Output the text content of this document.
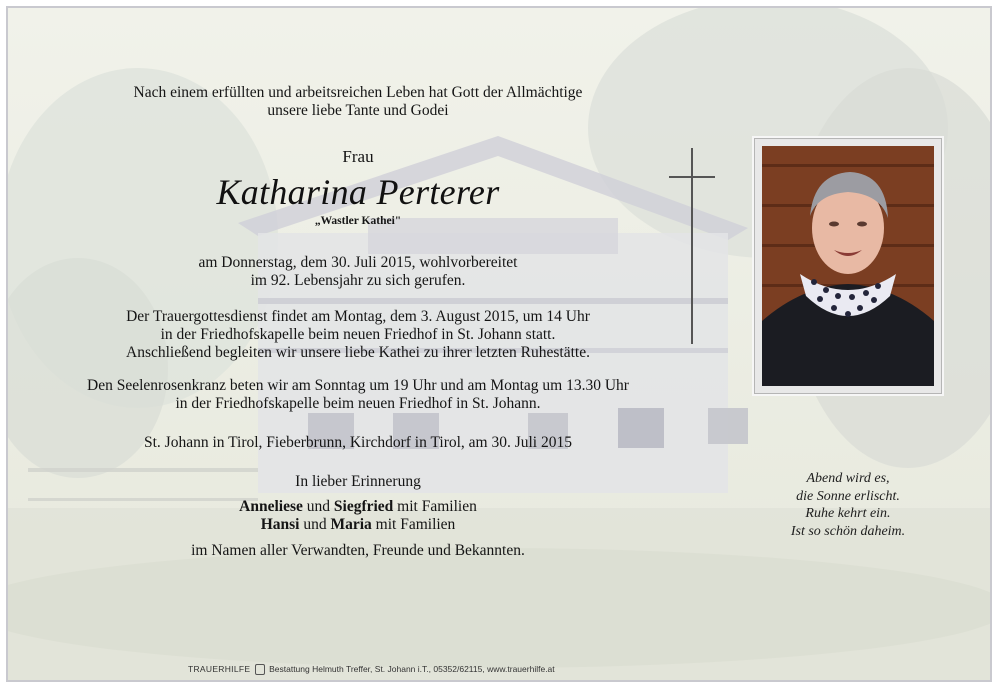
Nach einem erfüllten und arbeitsreichen Leben hat Gott der Allmächtige
unsere liebe Tante und Godei
Frau
Katharina Perterer
„Wastler Kathei"
am Donnerstag, dem 30. Juli 2015, wohlvorbereitet
im 92. Lebensjahr zu sich gerufen.
Der Trauergottesdienst findet am Montag, dem 3. August 2015, um 14 Uhr
in der Friedhofskapelle beim neuen Friedhof in St. Johann statt.
Anschließend begleiten wir unsere liebe Kathei zu ihrer letzten Ruhestätte.
Den Seelenrosenkranz beten wir am Sonntag um 19 Uhr und am Montag um 13.30 Uhr
in der Friedhofskapelle beim neuen Friedhof in St. Johann.
St. Johann in Tirol, Fieberbrunn, Kirchdorf in Tirol, am 30. Juli 2015
In lieber Erinnerung
Anneliese und Siegfried mit Familien
Hansi und Maria mit Familien
im Namen aller Verwandten, Freunde und Bekannten.
Abend wird es,
die Sonne erlischt.
Ruhe kehrt ein.
Ist so schön daheim.
TRAUERHILFE Bestattung Helmuth Treffer, St. Johann i.T., 05352/62115, www.trauerhilfe.at
